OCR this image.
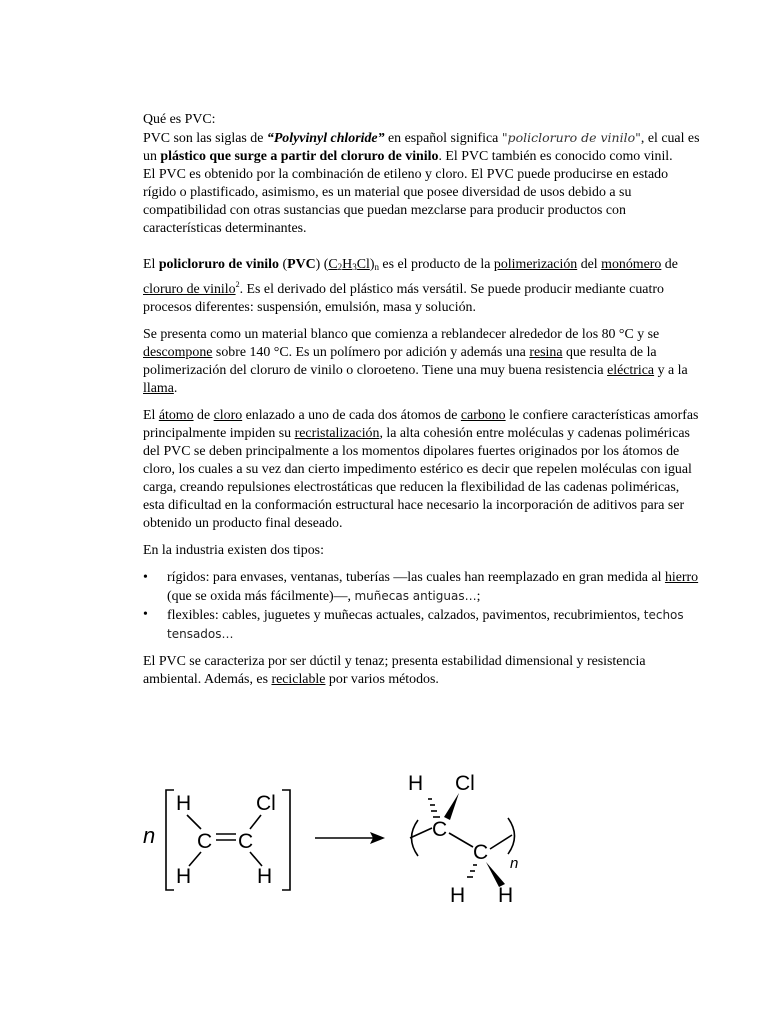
Qué es PVC:
PVC son las siglas de “Polyvinyl chloride” en español significa "policloruro de vinilo", el cual es un plástico que surge a partir del cloruro de vinilo. El PVC también es conocido como vinil.
El PVC es obtenido por la combinación de etileno y cloro. El PVC puede producirse en estado rígido o plastificado, asimismo, es un material que posee diversidad de usos debido a su compatibilidad con otras sustancias que puedan mezclarse para producir productos con características determinantes.

El policloruro de vinilo (PVC) $(C_2H_3Cl)_n$ es el producto de la polimerización del monómero de cloruro de vinilo$^2$. Es el derivado del plástico más versátil. Se puede producir mediante cuatro procesos diferentes: suspensión, emulsión, masa y solución.

Se presenta como un material blanco que comienza a reblandecer alrededor de los 80 °C y se descompone sobre 140 °C. Es un polímero por adición y además una resina que resulta de la polimerización del cloruro de vinilo o cloroeteno. Tiene una muy buena resistencia eléctrica y a la llama.

El átomo de cloro enlazado a uno de cada dos átomos de carbono le confiere características amorfas principalmente impiden su recristalización, la alta cohesión entre moléculas y cadenas poliméricas del PVC se deben principalmente a los momentos dipolares fuertes originados por los átomos de cloro, los cuales a su vez dan cierto impedimento estérico es decir que repelen moléculas con igual carga, creando repulsiones electrostáticas que reducen la flexibilidad de las cadenas poliméricas, esta dificultad en la conformación estructural hace necesario la incorporación de aditivos para ser obtenido un producto final deseado.

En la industria existen dos tipos:

• rígidos: para envases, ventanas, tuberías —las cuales han reemplazado en gran medida al hierro (que se oxida más fácilmente)—, muñecas antiguas…;
• flexibles: cables, juguetes y muñecas actuales, calzados, pavimentos, recubrimientos, techos tensados…

El PVC se caracteriza por ser dúctil y tenaz; presenta estabilidad dimensional y resistencia ambiental. Además, es reciclable por varios métodos.

n
H	Cl
C C
H	H
H Cl
C
C n
H H
